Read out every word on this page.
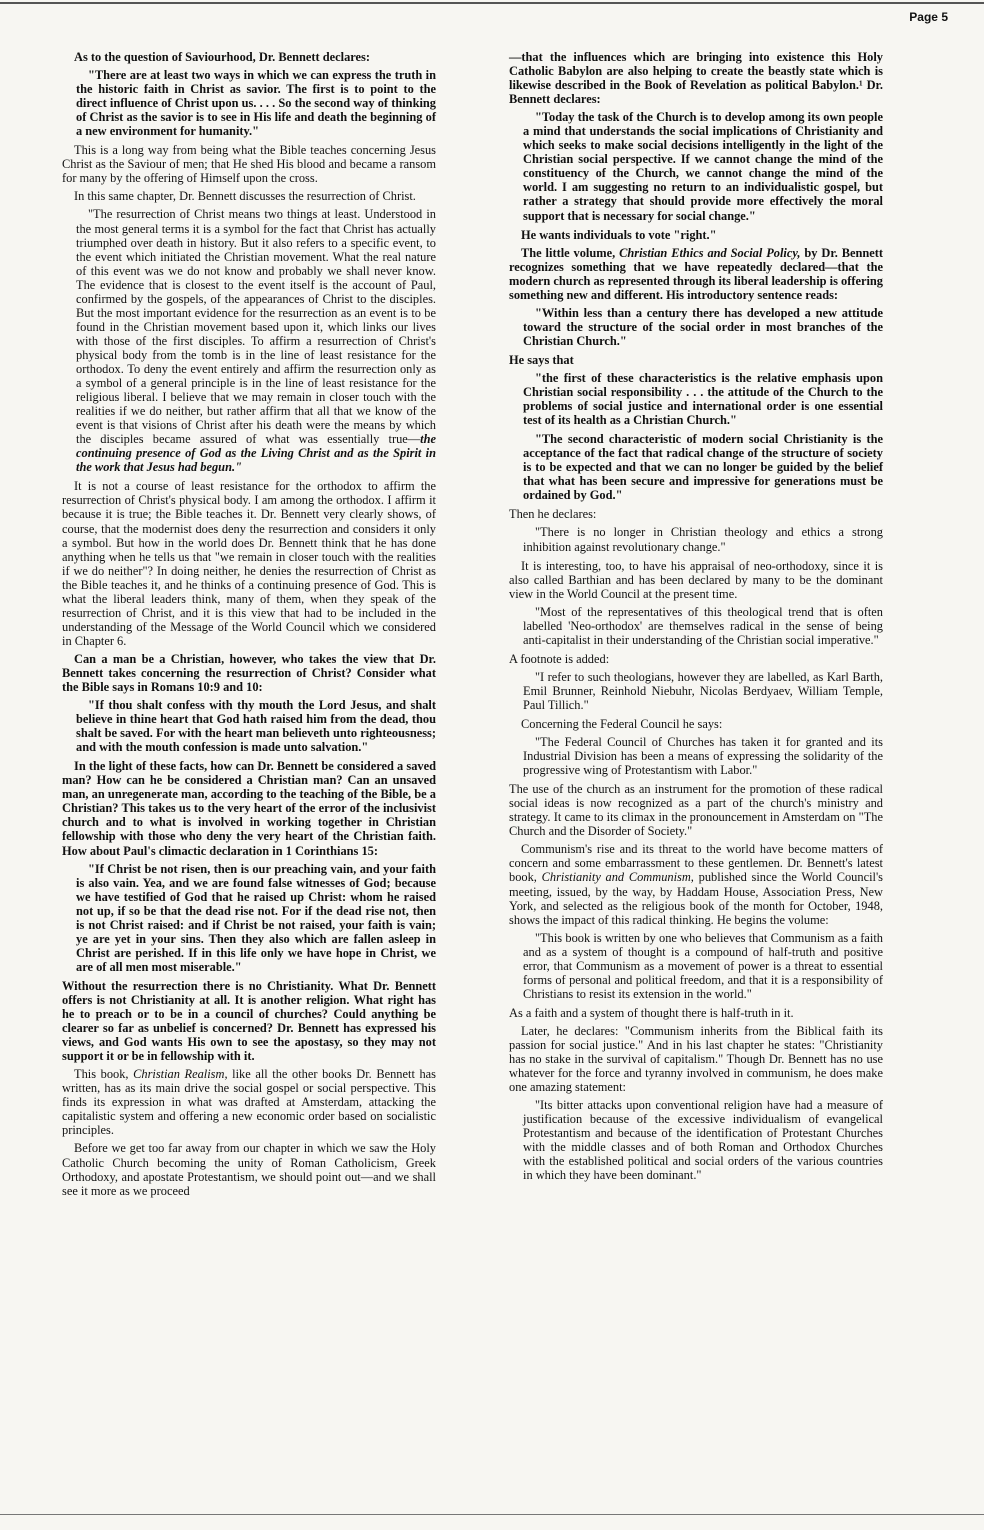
Page 5

As to the question of Saviourhood, Dr. Bennett declares:

"There are at least two ways in which we can express the truth in the historic faith in Christ as savior. The first is to point to the direct influence of Christ upon us. . . . So the second way of thinking of Christ as the savior is to see in His life and death the beginning of a new environment for humanity."

This is a long way from being what the Bible teaches concerning Jesus Christ as the Saviour of men; that He shed His blood and became a ransom for many by the offering of Himself upon the cross.

In this same chapter, Dr. Bennett discusses the resurrection of Christ.

"The resurrection of Christ means two things at least. Understood in the most general terms it is a symbol for the fact that Christ has actually triumphed over death in history. But it also refers to a specific event, to the event which initiated the Christian movement. What the real nature of this event was we do not know and probably we shall never know. The evidence that is closest to the event itself is the account of Paul, confirmed by the gospels, of the appearances of Christ to the disciples. But the most important evidence for the resurrection as an event is to be found in the Christian movement based upon it, which links our lives with those of the first disciples. To affirm a resurrection of Christ's physical body from the tomb is in the line of least resistance for the orthodox. To deny the event entirely and affirm the resurrection only as a symbol of a general principle is in the line of least resistance for the religious liberal. I believe that we may remain in closer touch with the realities if we do neither, but rather affirm that all that we know of the event is that visions of Christ after his death were the means by which the disciples became assured of what was essentially true—the continuing presence of God as the Living Christ and as the Spirit in the work that Jesus had begun."

It is not a course of least resistance for the orthodox to affirm the resurrection of Christ's physical body. I am among the orthodox. I affirm it because it is true; the Bible teaches it. Dr. Bennett very clearly shows, of course, that the modernist does deny the resurrection and considers it only a symbol. But how in the world does Dr. Bennett think that he has done anything when he tells us that "we remain in closer touch with the realities if we do neither"? In doing neither, he denies the resurrection of Christ as the Bible teaches it, and he thinks of a continuing presence of God. This is what the liberal leaders think, many of them, when they speak of the resurrection of Christ, and it is this view that had to be included in the understanding of the Message of the World Council which we considered in Chapter 6.

Can a man be a Christian, however, who takes the view that Dr. Bennett takes concerning the resurrection of Christ? Consider what the Bible says in Romans 10:9 and 10:

"If thou shalt confess with thy mouth the Lord Jesus, and shalt believe in thine heart that God hath raised him from the dead, thou shalt be saved. For with the heart man believeth unto righteousness; and with the mouth confession is made unto salvation."

In the light of these facts, how can Dr. Bennett be considered a saved man? How can he be considered a Christian man? Can an unsaved man, an unregenerate man, according to the teaching of the Bible, be a Christian? This takes us to the very heart of the error of the inclusivist church and to what is involved in working together in Christian fellowship with those who deny the very heart of the Christian faith. How about Paul's climactic declaration in 1 Corinthians 15:

"If Christ be not risen, then is our preaching vain, and your faith is also vain. Yea, and we are found false witnesses of God; because we have testified of God that he raised up Christ: whom he raised not up, if so be that the dead rise not. For if the dead rise not, then is not Christ raised: and if Christ be not raised, your faith is vain; ye are yet in your sins. Then they also which are fallen asleep in Christ are perished. If in this life only we have hope in Christ, we are of all men most miserable."

Without the resurrection there is no Christianity. What Dr. Bennett offers is not Christianity at all. It is another religion. What right has he to preach or to be in a council of churches? Could anything be clearer so far as unbelief is concerned? Dr. Bennett has expressed his views, and God wants His own to see the apostasy, so they may not support it or be in fellowship with it.

This book, Christian Realism, like all the other books Dr. Bennett has written, has as its main drive the social gospel or social perspective. This finds its expression in what was drafted at Amsterdam, attacking the capitalistic system and offering a new economic order based on socialistic principles.

Before we get too far away from our chapter in which we saw the Holy Catholic Church becoming the unity of Roman Catholicism, Greek Orthodoxy, and apostate Protestantism, we should point out—and we shall see it more as we proceed

—that the influences which are bringing into existence this Holy Catholic Babylon are also helping to create the beastly state which is likewise described in the Book of Revelation as political Babylon.¹ Dr. Bennett declares:

"Today the task of the Church is to develop among its own people a mind that understands the social implications of Christianity and which seeks to make social decisions intelligently in the light of the Christian social perspective. If we cannot change the mind of the constituency of the Church, we cannot change the mind of the world. I am suggesting no return to an individualistic gospel, but rather a strategy that should provide more effectively the moral support that is necessary for social change."

He wants individuals to vote "right."

The little volume, Christian Ethics and Social Policy, by Dr. Bennett recognizes something that we have repeatedly declared—that the modern church as represented through its liberal leadership is offering something new and different. His introductory sentence reads:

"Within less than a century there has developed a new attitude toward the structure of the social order in most branches of the Christian Church."

He says that

"the first of these characteristics is the relative emphasis upon Christian social responsibility . . . the attitude of the Church to the problems of social justice and international order is one essential test of its health as a Christian Church."

"The second characteristic of modern social Christianity is the acceptance of the fact that radical change of the structure of society is to be expected and that we can no longer be guided by the belief that what has been secure and impressive for generations must be ordained by God."

Then he declares:

"There is no longer in Christian theology and ethics a strong inhibition against revolutionary change."

It is interesting, too, to have his appraisal of neo-orthodoxy, since it is also called Barthian and has been declared by many to be the dominant view in the World Council at the present time.

"Most of the representatives of this theological trend that is often labelled 'Neo-orthodox' are themselves radical in the sense of being anti-capitalist in their understanding of the Christian social imperative."

A footnote is added:

"I refer to such theologians, however they are labelled, as Karl Barth, Emil Brunner, Reinhold Niebuhr, Nicolas Berdyaev, William Temple, Paul Tillich."

Concerning the Federal Council he says:

"The Federal Council of Churches has taken it for granted and its Industrial Division has been a means of expressing the solidarity of the progressive wing of Protestantism with Labor."

The use of the church as an instrument for the promotion of these radical social ideas is now recognized as a part of the church's ministry and strategy. It came to its climax in the pronouncement in Amsterdam on "The Church and the Disorder of Society."

Communism's rise and its threat to the world have become matters of concern and some embarrassment to these gentlemen. Dr. Bennett's latest book, Christianity and Communism, published since the World Council's meeting, issued, by the way, by Haddam House, Association Press, New York, and selected as the religious book of the month for October, 1948, shows the impact of this radical thinking. He begins the volume:

"This book is written by one who believes that Communism as a faith and as a system of thought is a compound of half-truth and positive error, that Communism as a movement of power is a threat to essential forms of personal and political freedom, and that it is a responsibility of Christians to resist its extension in the world."

As a faith and a system of thought there is half-truth in it.

Later, he declares: "Communism inherits from the Biblical faith its passion for social justice." And in his last chapter he states: "Christianity has no stake in the survival of capitalism." Though Dr. Bennett has no use whatever for the force and tyranny involved in communism, he does make one amazing statement:

"Its bitter attacks upon conventional religion have had a measure of justification because of the excessive individualism of evangelical Protestantism and because of the identification of Protestant Churches with the middle classes and of both Roman and Orthodox Churches with the established political and social orders of the various countries in which they have been dominant."
